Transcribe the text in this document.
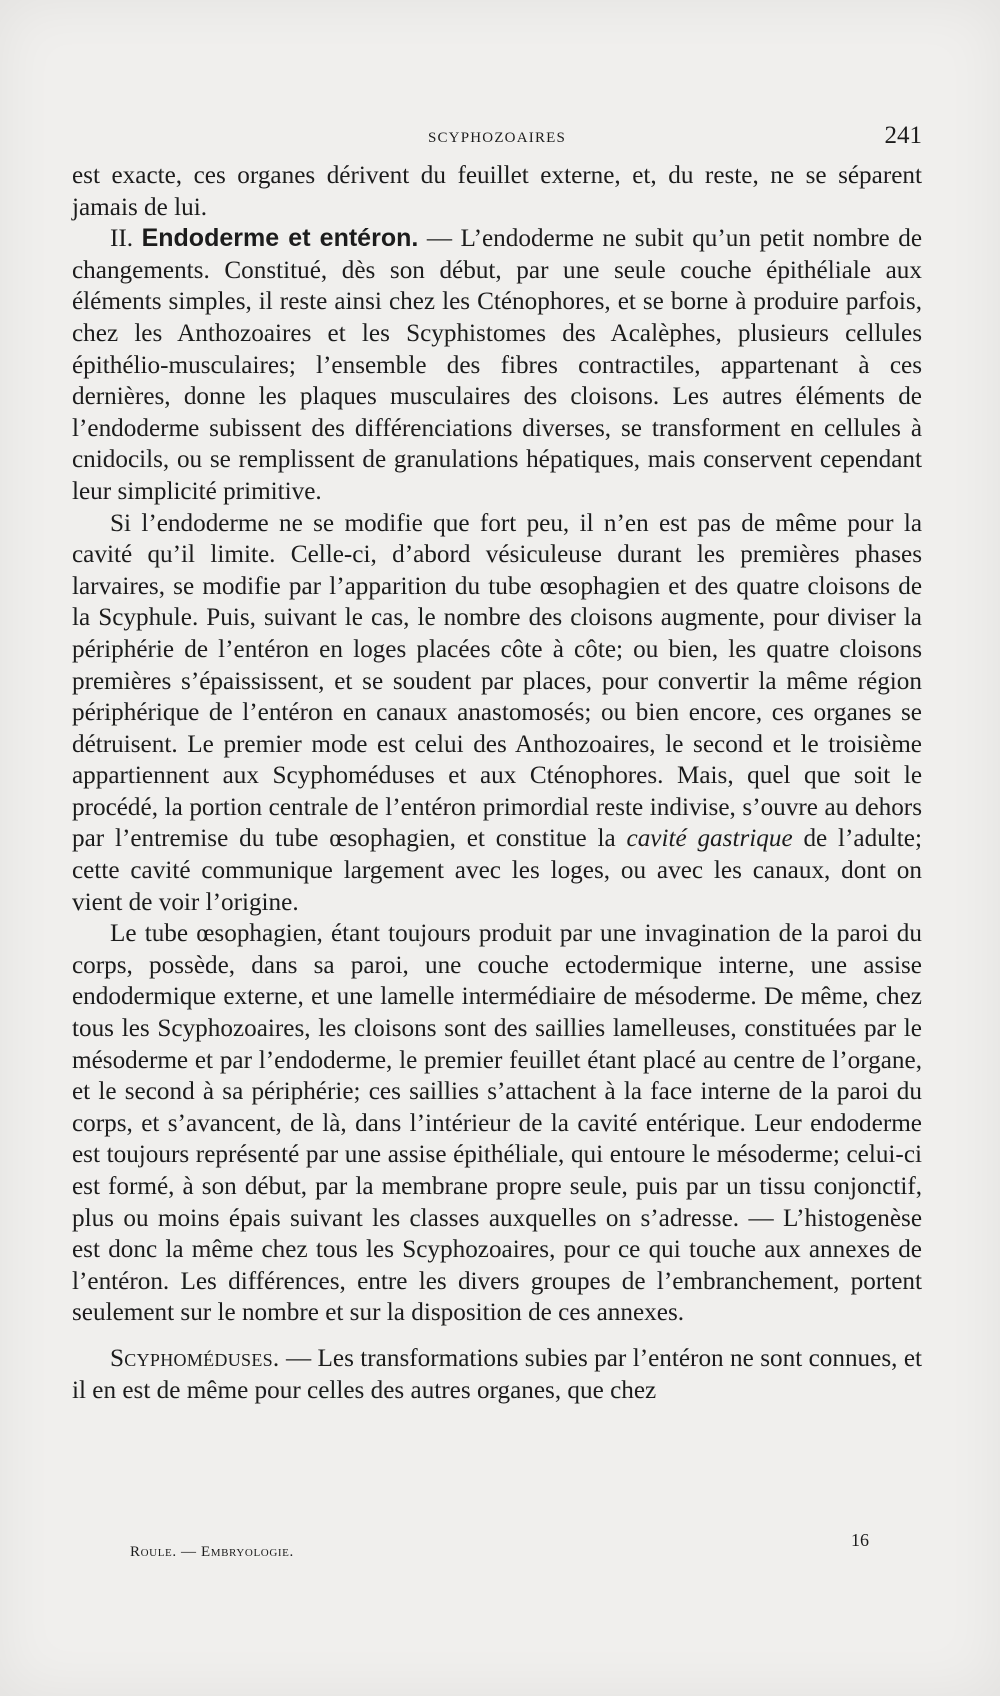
SCYPHOZOAIRES	241

est exacte, ces organes dérivent du feuillet externe, et, du reste, ne se séparent jamais de lui.

II. Endoderme et entéron. — L’endoderme ne subit qu’un petit nombre de changements. Constitué, dès son début, par une seule couche épithéliale aux éléments simples, il reste ainsi chez les Cténophores, et se borne à produire parfois, chez les Anthozoaires et les Scyphistomes des Acalèphes, plusieurs cellules épithélio-musculaires; l’ensemble des fibres contractiles, appartenant à ces dernières, donne les plaques musculaires des cloisons. Les autres éléments de l’endoderme subissent des différenciations diverses, se transforment en cellules à cnidocils, ou se remplissent de granulations hépatiques, mais conservent cependant leur simplicité primitive.

Si l’endoderme ne se modifie que fort peu, il n’en est pas de même pour la cavité qu’il limite. Celle-ci, d’abord vésiculeuse durant les premières phases larvaires, se modifie par l’apparition du tube œsophagien et des quatre cloisons de la Scyphule. Puis, suivant le cas, le nombre des cloisons augmente, pour diviser la périphérie de l’entéron en loges placées côte à côte; ou bien, les quatre cloisons premières s’épaississent, et se soudent par places, pour convertir la même région périphérique de l’entéron en canaux anastomosés; ou bien encore, ces organes se détruisent. Le premier mode est celui des Anthozoaires, le second et le troisième appartiennent aux Scyphoméduses et aux Cténophores. Mais, quel que soit le procédé, la portion centrale de l’entéron primordial reste indivise, s’ouvre au dehors par l’entremise du tube œsophagien, et constitue la cavité gastrique de l’adulte; cette cavité communique largement avec les loges, ou avec les canaux, dont on vient de voir l’origine.

Le tube œsophagien, étant toujours produit par une invagination de la paroi du corps, possède, dans sa paroi, une couche ectodermique interne, une assise endodermique externe, et une lamelle intermédiaire de mésoderme. De même, chez tous les Scyphozoaires, les cloisons sont des saillies lamelleuses, constituées par le mésoderme et par l’endoderme, le premier feuillet étant placé au centre de l’organe, et le second à sa périphérie; ces saillies s’attachent à la face interne de la paroi du corps, et s’avancent, de là, dans l’intérieur de la cavité entérique. Leur endoderme est toujours représenté par une assise épithéliale, qui entoure le mésoderme; celui-ci est formé, à son début, par la membrane propre seule, puis par un tissu conjonctif, plus ou moins épais suivant les classes auxquelles on s’adresse. — L’histogenèse est donc la même chez tous les Scyphozoaires, pour ce qui touche aux annexes de l’entéron. Les différences, entre les divers groupes de l’embranchement, portent seulement sur le nombre et sur la disposition de ces annexes.

Scyphoméduses. — Les transformations subies par l’entéron ne sont connues, et il en est de même pour celles des autres organes, que chez

Roule. — Embryologie.
16
